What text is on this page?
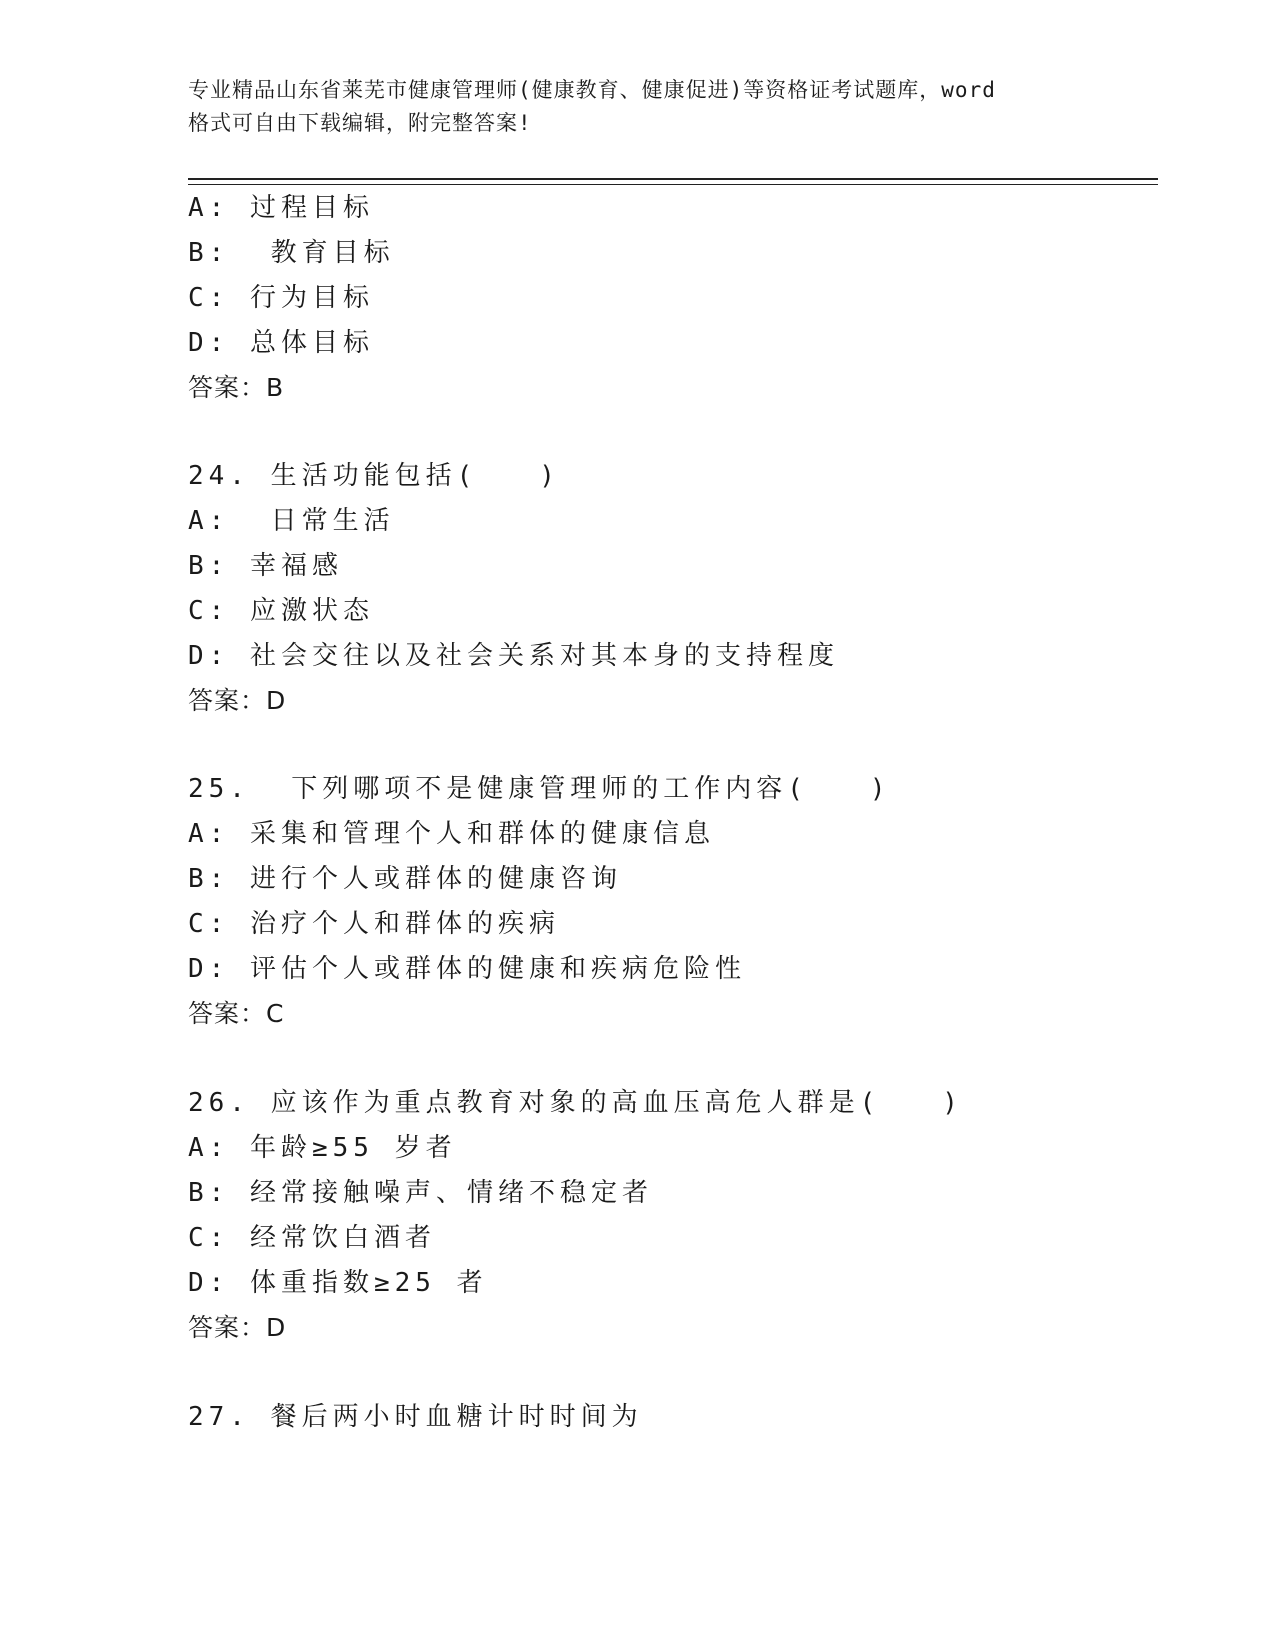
专业精品山东省莱芜市健康管理师(健康教育、健康促进)等资格证考试题库，word
格式可自由下载编辑，附完整答案!
A: 过程目标
B:  教育目标
C: 行为目标
D: 总体目标
答案：B
24. 生活功能包括(   )
A:  日常生活
B: 幸福感
C: 应激状态
D: 社会交往以及社会关系对其本身的支持程度
答案：D
25.  下列哪项不是健康管理师的工作内容(   )
A: 采集和管理个人和群体的健康信息
B: 进行个人或群体的健康咨询
C: 治疗个人和群体的疾病
D: 评估个人或群体的健康和疾病危险性
答案：C
26. 应该作为重点教育对象的高血压高危人群是(   )
A: 年龄≥55 岁者
B: 经常接触噪声、情绪不稳定者
C: 经常饮白酒者
D: 体重指数≥25 者
答案：D
27. 餐后两小时血糖计时时间为
